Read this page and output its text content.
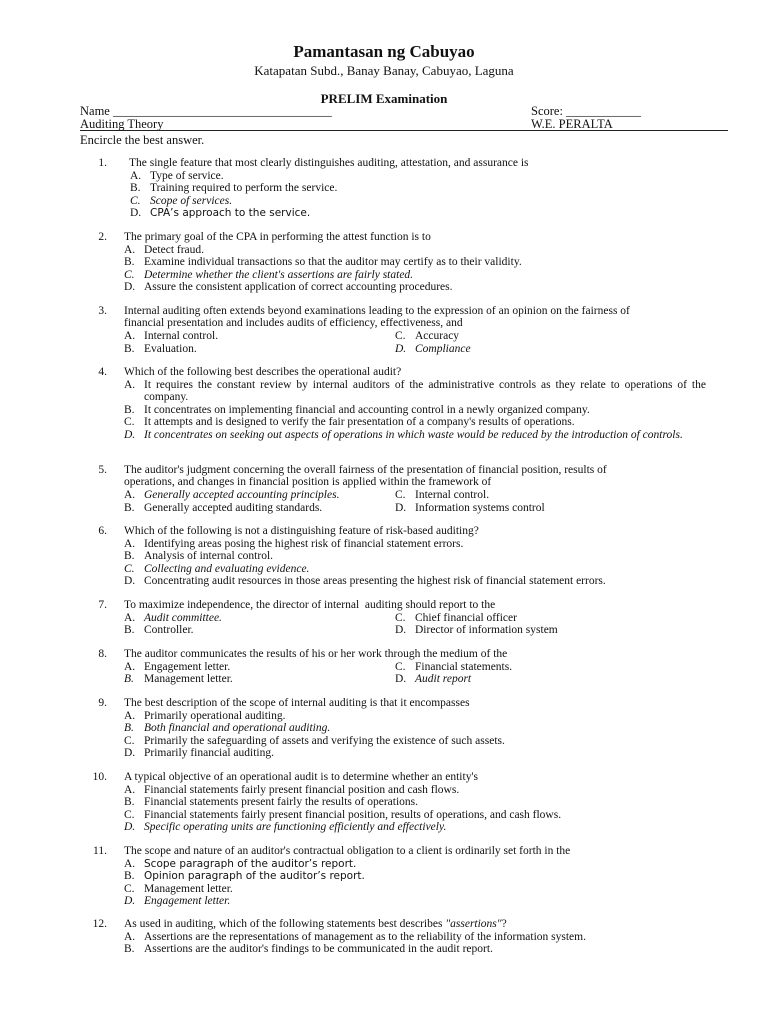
Pamantasan ng Cabuyao
Katapatan Subd., Banay Banay, Cabuyao, Laguna
PRELIM Examination
Name ___________________________________	Score: ____________
Auditing Theory	W.E. PERALTA
Encircle the best answer.
1. The single feature that most clearly distinguishes auditing, attestation, and assurance is
A. Type of service.
B. Training required to perform the service.
C. Scope of services.
D. CPA’s approach to the service.
2. The primary goal of the CPA in performing the attest function is to
A. Detect fraud.
B. Examine individual transactions so that the auditor may certify as to their validity.
C. Determine whether the client's assertions are fairly stated.
D. Assure the consistent application of correct accounting procedures.
3. Internal auditing often extends beyond examinations leading to the expression of an opinion on the fairness of
financial presentation and includes audits of efficiency, effectiveness, and
A. Internal control.	C. Accuracy
B. Evaluation.	D. Compliance
4. Which of the following best describes the operational audit?
A. It requires the constant review by internal auditors of the administrative controls as they relate to operations of the company.
B. It concentrates on implementing financial and accounting control in a newly organized company.
C. It attempts and is designed to verify the fair presentation of a company's results of operations.
D. It concentrates on seeking out aspects of operations in which waste would be reduced by the introduction of controls.
5. The auditor's judgment concerning the overall fairness of the presentation of financial position, results of
operations, and changes in financial position is applied within the framework of
A. Generally accepted accounting principles.	C. Internal control.
B. Generally accepted auditing standards.	D. Information systems control
6. Which of the following is not a distinguishing feature of risk-based auditing?
A. Identifying areas posing the highest risk of financial statement errors.
B. Analysis of internal control.
C. Collecting and evaluating evidence.
D. Concentrating audit resources in those areas presenting the highest risk of financial statement errors.
7. To maximize independence, the director of internal  auditing should report to the
A. Audit committee.	C. Chief financial officer
B. Controller.	D. Director of information system
8. The auditor communicates the results of his or her work through the medium of the
A. Engagement letter.	C. Financial statements.
B. Management letter.	D. Audit report
9. The best description of the scope of internal auditing is that it encompasses
A. Primarily operational auditing.
B. Both financial and operational auditing.
C. Primarily the safeguarding of assets and verifying the existence of such assets.
D. Primarily financial auditing.
10. A typical objective of an operational audit is to determine whether an entity's
A. Financial statements fairly present financial position and cash flows.
B. Financial statements present fairly the results of operations.
C. Financial statements fairly present financial position, results of operations, and cash flows.
D. Specific operating units are functioning efficiently and effectively.
11. The scope and nature of an auditor's contractual obligation to a client is ordinarily set forth in the
A. Scope paragraph of the auditor’s report.
B. Opinion paragraph of the auditor’s report.
C. Management letter.
D. Engagement letter.
12. As used in auditing, which of the following statements best describes "assertions"?
A. Assertions are the representations of management as to the reliability of the information system.
B. Assertions are the auditor's findings to be communicated in the audit report.
